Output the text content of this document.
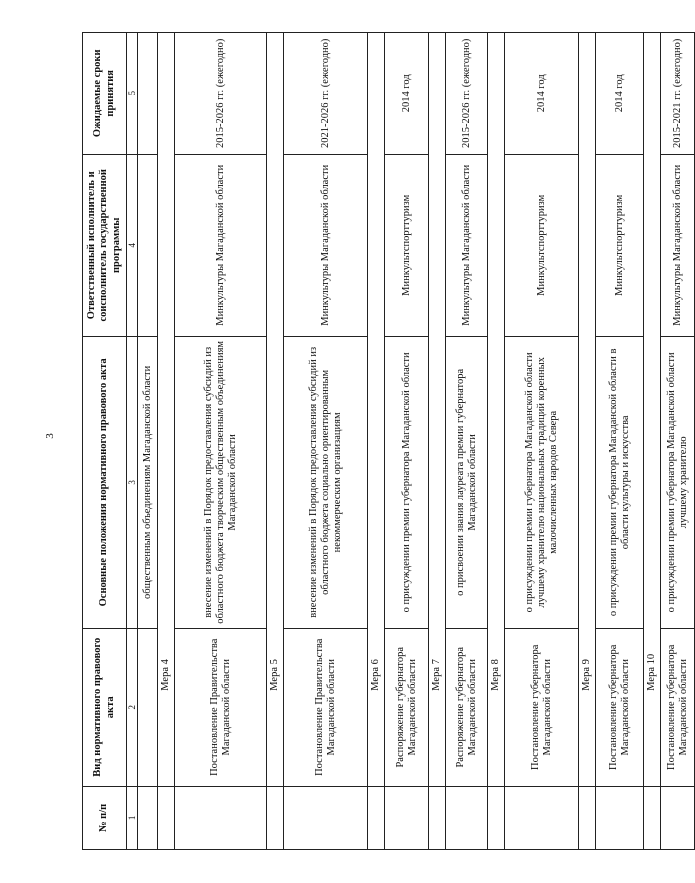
3
№ п/п	Вид нормативного правового акта	Основные положения нормативного правового акта	Ответственный исполнитель и соисполнитель государственной программы	Ожидаемые сроки принятия
1	2	3	4	5
		общественным объединениям Магаданской области		
	Мера 4			
	Постановление Правительства Магаданской области	внесение изменений в Порядок предоставления субсидий из областного бюджета творческим общественным объединениям Магаданской области	Минкультуры Магаданской области	2015-2026 гг. (ежегодно)
	Мера 5			
	Постановление Правительства Магаданской области	внесение изменений в Порядок предоставления субсидий из областного бюджета социально ориентированным некоммерческим организациям	Минкультуры Магаданской области	2021-2026 гг. (ежегодно)
	Мера 6			
	Распоряжение губернатора Магаданской области	о присуждении премии губернатора Магаданской области	Минкультспорттуризм	2014 год
	Мера 7			
	Распоряжение губернатора Магаданской области	о присвоении звания лауреата премии губернатора Магаданской области	Минкультуры Магаданской области	2015-2026 гг. (ежегодно)
	Мера 8			
	Постановление губернатора Магаданской области	о присуждении премии губернатора Магаданской области лучшему хранителю национальных традиций коренных малочисленных народов Севера	Минкультспорттуризм	2014 год
	Мера 9			
	Постановление губернатора Магаданской области	о присуждении премии губернатора Магаданской области в области культуры и искусства	Минкультспорттуризм	2014 год
	Мера 10			
	Постановление губернатора Магаданской области	о присуждении премии губернатора Магаданской области лучшему хранителю	Минкультуры Магаданской области	2015-2021 гг. (ежегодно)
